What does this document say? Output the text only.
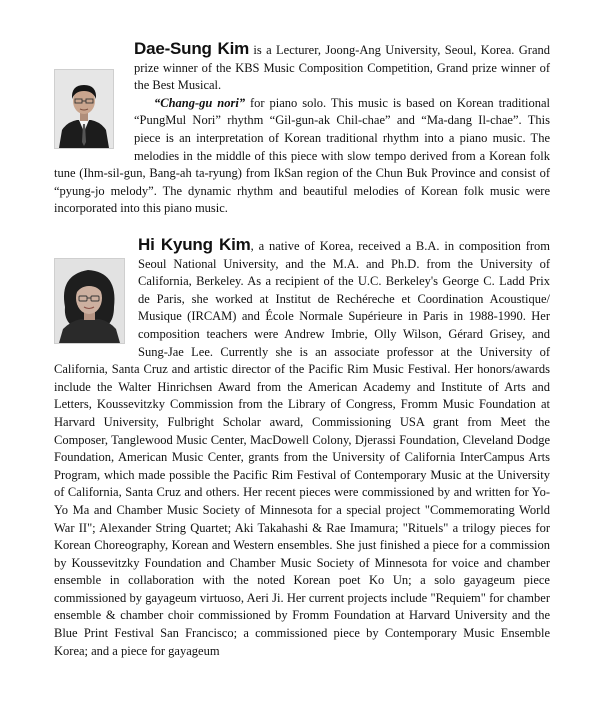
Dae-Sung Kim is a Lecturer, Joong-Ang University, Seoul, Korea. Grand prize winner of the KBS Music Composition Competition, Grand prize winner of the Best Musical.

“Chang-gu nori” for piano solo. This music is based on Korean traditional “PungMul Nori” rhythm “Gil-gun-ak Chil-chae” and “Ma-dang Il-chae”. This piece is an interpretation of Korean traditional rhythm into a piano music. The melodies in the middle of this piece with slow tempo derived from a Korean folk tune (Ihm-sil-gun, Bang-ah ta-ryung) from IkSan region of the Chun Buk Province and consist of “pyung-jo melody”. The dynamic rhythm and beautiful melodies of Korean folk music were incorporated into this piano music.

Hi Kyung Kim, a native of Korea, received a B.A. in composition from Seoul National University, and the M.A. and Ph.D. from the University of California, Berkeley. As a recipient of the U.C. Berkeley's George C. Ladd Prix de Paris, she worked at Institut de Rechéreche et Coordination Acoustique/ Musique (IRCAM) and École Normale Supérieure in Paris in 1988-1990. Her composition teachers were Andrew Imbrie, Olly Wilson, Gérard Grisey, and Sung-Jae Lee. Currently she is an associate professor at the University of California, Santa Cruz and artistic director of the Pacific Rim Music Festival. Her honors/awards include the Walter Hinrichsen Award from the American Academy and Institute of Arts and Letters, Koussevitzky Commission from the Library of Congress, Fromm Music Foundation at Harvard University, Fulbright Scholar award, Commissioning USA grant from Meet the Composer, Tanglewood Music Center, MacDowell Colony, Djerassi Foundation, Cleveland Dodge Foundation, American Music Center, grants from the University of California InterCampus Arts Program, which made possible the Pacific Rim Festival of Contemporary Music at the University of California, Santa Cruz and others. Her recent pieces were commissioned by and written for Yo-Yo Ma and Chamber Music Society of Minnesota for a special project "Commemorating World War II"; Alexander String Quartet; Aki Takahashi & Rae Imamura; "Rituels" a trilogy pieces for Korean Choreography, Korean and Western ensembles. She just finished a piece for a commission by Koussevitzky Foundation and Chamber Music Society of Minnesota for voice and chamber ensemble in collaboration with the noted Korean poet Ko Un; a solo gayageum piece commissioned by gayageum virtuoso, Aeri Ji. Her current projects include "Requiem" for chamber ensemble & chamber choir commissioned by Fromm Foundation at Harvard University and the Blue Print Festival San Francisco; a commissioned piece by Contemporary Music Ensemble Korea; and a piece for gayageum
